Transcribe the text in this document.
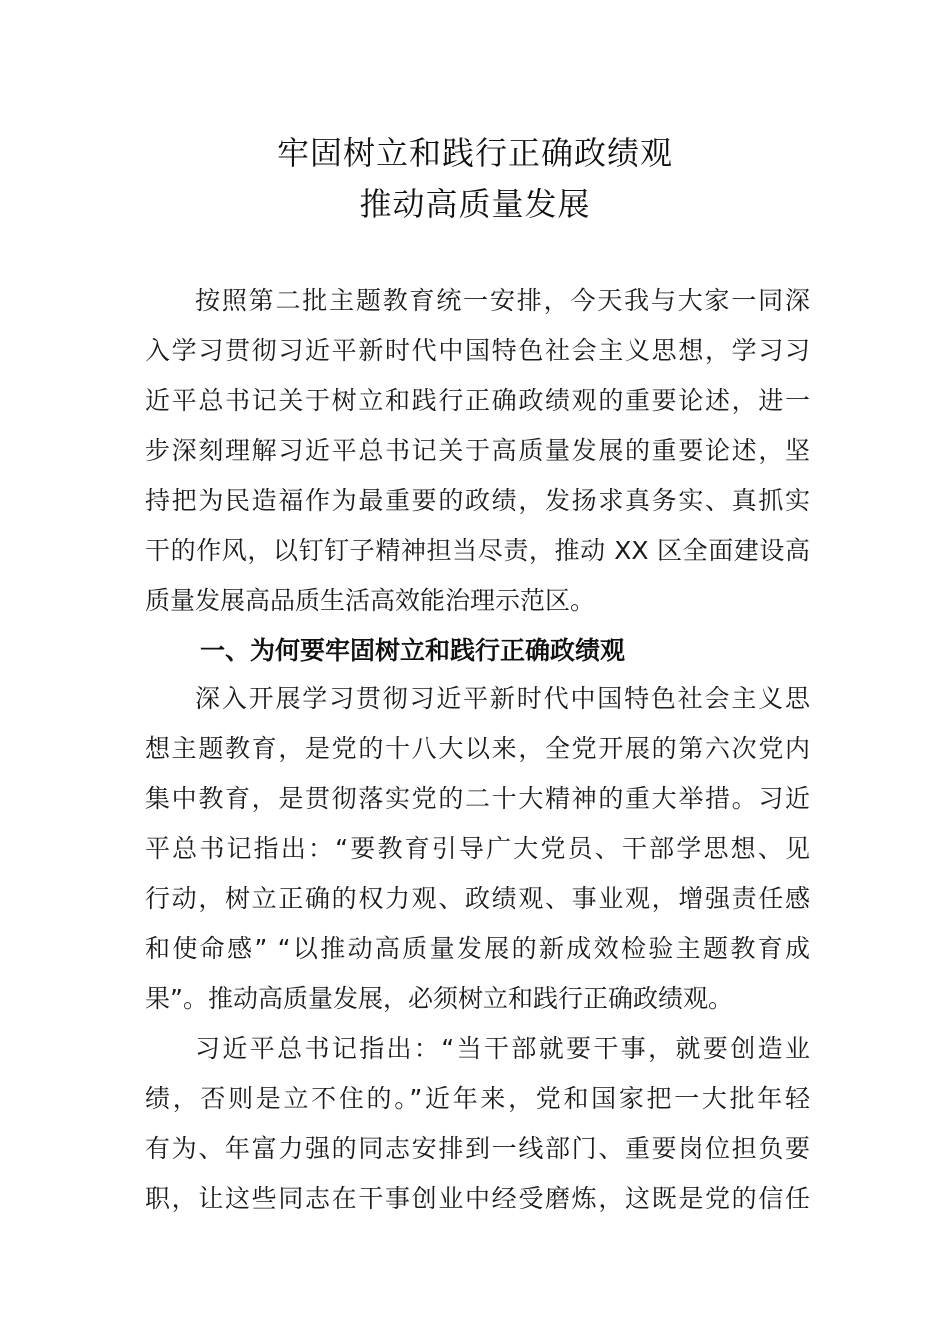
牢固树立和践行正确政绩观
推动高质量发展
按照第二批主题教育统一安排，今天我与大家一同深
入学习贯彻习近平新时代中国特色社会主义思想，学习习
近平总书记关于树立和践行正确政绩观的重要论述，进一
步深刻理解习近平总书记关于高质量发展的重要论述，坚
持把为民造福作为最重要的政绩，发扬求真务实、真抓实
干的作风，以钉钉子精神担当尽责，推动 XX 区全面建设高
质量发展高品质生活高效能治理示范区。
一、为何要牢固树立和践行正确政绩观
深入开展学习贯彻习近平新时代中国特色社会主义思
想主题教育，是党的十八大以来，全党开展的第六次党内
集中教育，是贯彻落实党的二十大精神的重大举措。习近
平总书记指出：“要教育引导广大党员、干部学思想、见
行动，树立正确的权力观、政绩观、事业观，增强责任感
和使命感” “以推动高质量发展的新成效检验主题教育成
果”。推动高质量发展，必须树立和践行正确政绩观。
习近平总书记指出：“当干部就要干事，就要创造业
绩，否则是立不住的。”近年来，党和国家把一大批年轻
有为、年富力强的同志安排到一线部门、重要岗位担负要
职，让这些同志在干事创业中经受磨炼，这既是党的信任
